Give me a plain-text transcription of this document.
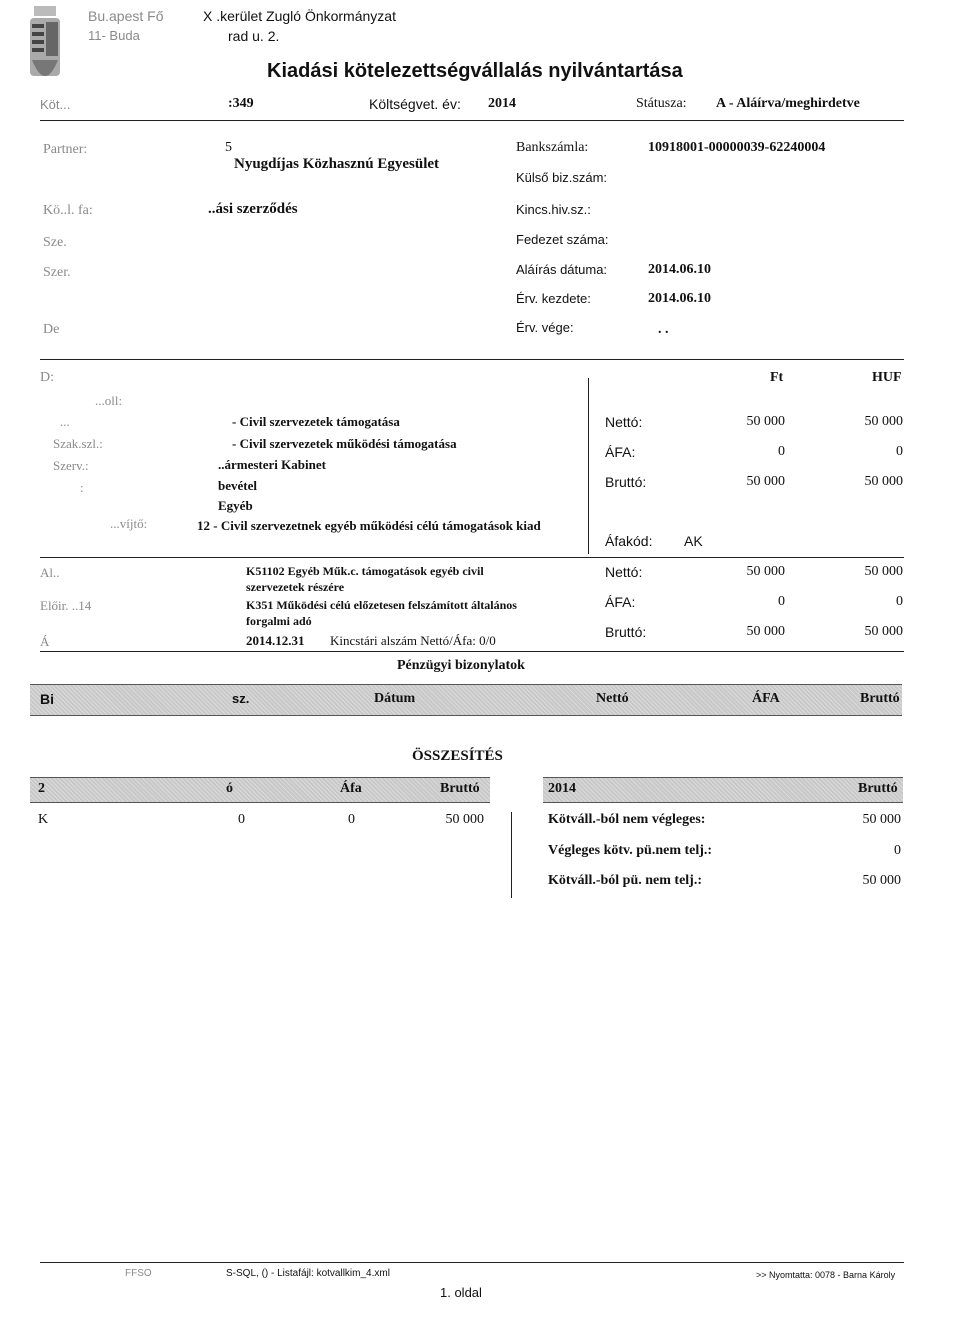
Bu.apest Fő	X .kerület Zugló Önkormányzat
11- Buda	rad u. 2.
Kiadási kötelezettségvállalás nyilvántartása
Köt...	:349	Költségvet. év: 2014	Státusza: A - Aláírva/meghirdetve
Partner:	5
Nyugdíjas Közhasznú Egyesület
Kö..l. fa:	..ási szerződés
Sze.
Szer.
De
Bankszámla:	10918001-00000039-62240004
Külső biz.szám:
Kincs.hiv.sz.:
Fedezet száma:
Aláírás dátuma:	2014.06.10
Érv. kezdete:	2014.06.10
Érv. vége:	. .
D:
...oll:
...
Szak.szl.:
Szerv.:
:
...víjtő:
- Civil szervezetek támogatása
- Civil szervezetek működési támogatása
..ármesteri Kabinet
bevétel
Egyéb
12 - Civil szervezetnek egyéb működési célú támogatások kiad
Ft	HUF
Nettó:	50 000	50 000
ÁFA:	0	0
Bruttó:	50 000	50 000
Áfakód: AK
Al..
Előir. ..14
Á
K51102 Egyéb Műk.c. támogatások egyéb civil
szervezetek részére
K351 Működési célú előzetesen felszámított általános
forgalmi adó
2014.12.31 Kincstári alszám Nettó/Áfa: 0/0
Nettó:	50 000	50 000
ÁFA:	0	0
Bruttó:	50 000	50 000
Pénzügyi bizonylatok
Bi	sz.	Dátum	Nettó	ÁFA	Bruttó
ÖSSZESÍTÉS
2	ó	Áfa	Bruttó
K	0	0	50 000
2014	Bruttó
Kötváll.-ból nem végleges:	50 000
Végleges kötv. pü.nem telj.:	0
Kötváll.-ból pü. nem telj.:	50 000
FFSO	S-SQL, () - Listafájl: kotvallkim_4.xml	>> Nyomtatta: 0078 - Barna Károly
1. oldal
